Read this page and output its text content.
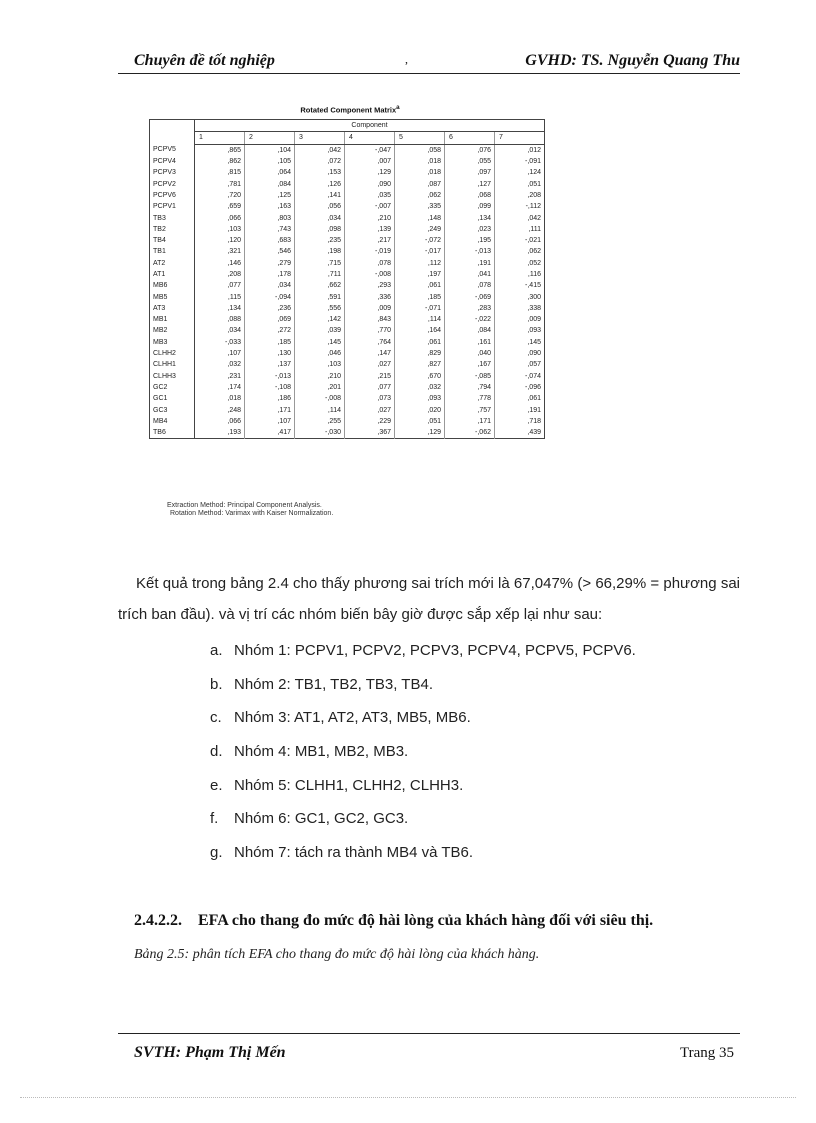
Chuyên đề tốt nghiệp	,	GVHD: TS. Nguyễn Quang Thu
Rotated Component Matrix$^a$
	Component						
	1	2	3	4	5	6	7
PCPV5	,865	,104	,042	-,047	,058	,076	,012
PCPV4	,862	,105	,072	,007	,018	,055	-,091
PCPV3	,815	,064	,153	,129	,018	,097	,124
PCPV2	,781	,084	,126	,090	,087	,127	,051
PCPV6	,720	,125	,141	,035	,062	,068	,208
PCPV1	,659	,163	,056	-,007	,335	,099	-,112
TB3	,066	,803	,034	,210	,148	,134	,042
TB2	,103	,743	,098	,139	,249	,023	,111
TB4	,120	,683	,235	,217	-,072	,195	-,021
TB1	,321	,546	,198	-,019	-,017	-,013	,062
AT2	,146	,279	,715	,078	,112	,191	,052
AT1	,208	,178	,711	-,008	,197	,041	,116
MB6	,077	,034	,662	,293	,061	,078	-,415
MB5	,115	-,094	,591	,336	,185	-,069	,300
AT3	,134	,236	,556	,009	-,071	,283	,338
MB1	,088	,069	,142	,843	,114	-,022	,009
MB2	,034	,272	,039	,770	,164	,084	,093
MB3	-,033	,185	,145	,764	,061	,161	,145
CLHH2	,107	,130	,046	,147	,829	,040	,090
CLHH1	,032	,137	,103	,027	,827	,167	,057
CLHH3	,231	-,013	,210	,215	,670	-,085	-,074
GC2	,174	-,108	,201	,077	,032	,794	-,096
GC1	,018	,186	-,008	,073	,093	,778	,061
GC3	,248	,171	,114	,027	,020	,757	,191
MB4	,066	,107	,255	,229	,051	,171	,718
TB6	,193	,417	-,030	,367	,129	-,062	,439
Extraction Method: Principal Component Analysis.
Rotation Method: Varimax with Kaiser Normalization.
Kết quả trong bảng 2.4 cho thấy phương sai trích mới là 67,047% (> 66,29% = phương sai trích ban đầu). và vị trí các nhóm biến bây giờ được sắp xếp lại như sau:
a. Nhóm 1: PCPV1, PCPV2, PCPV3, PCPV4, PCPV5, PCPV6.
b. Nhóm 2: TB1, TB2, TB3, TB4.
c. Nhóm 3: AT1, AT2, AT3, MB5, MB6.
d. Nhóm 4: MB1, MB2, MB3.
e. Nhóm 5: CLHH1, CLHH2, CLHH3.
f. Nhóm 6: GC1, GC2, GC3.
g. Nhóm 7: tách ra thành MB4 và TB6.
2.4.2.2. EFA cho thang đo mức độ hài lòng của khách hàng đối với siêu thị.
Bảng 2.5: phân tích EFA cho thang đo mức độ hài lòng của khách hàng.
SVTH: Phạm Thị Mến	Trang 35
